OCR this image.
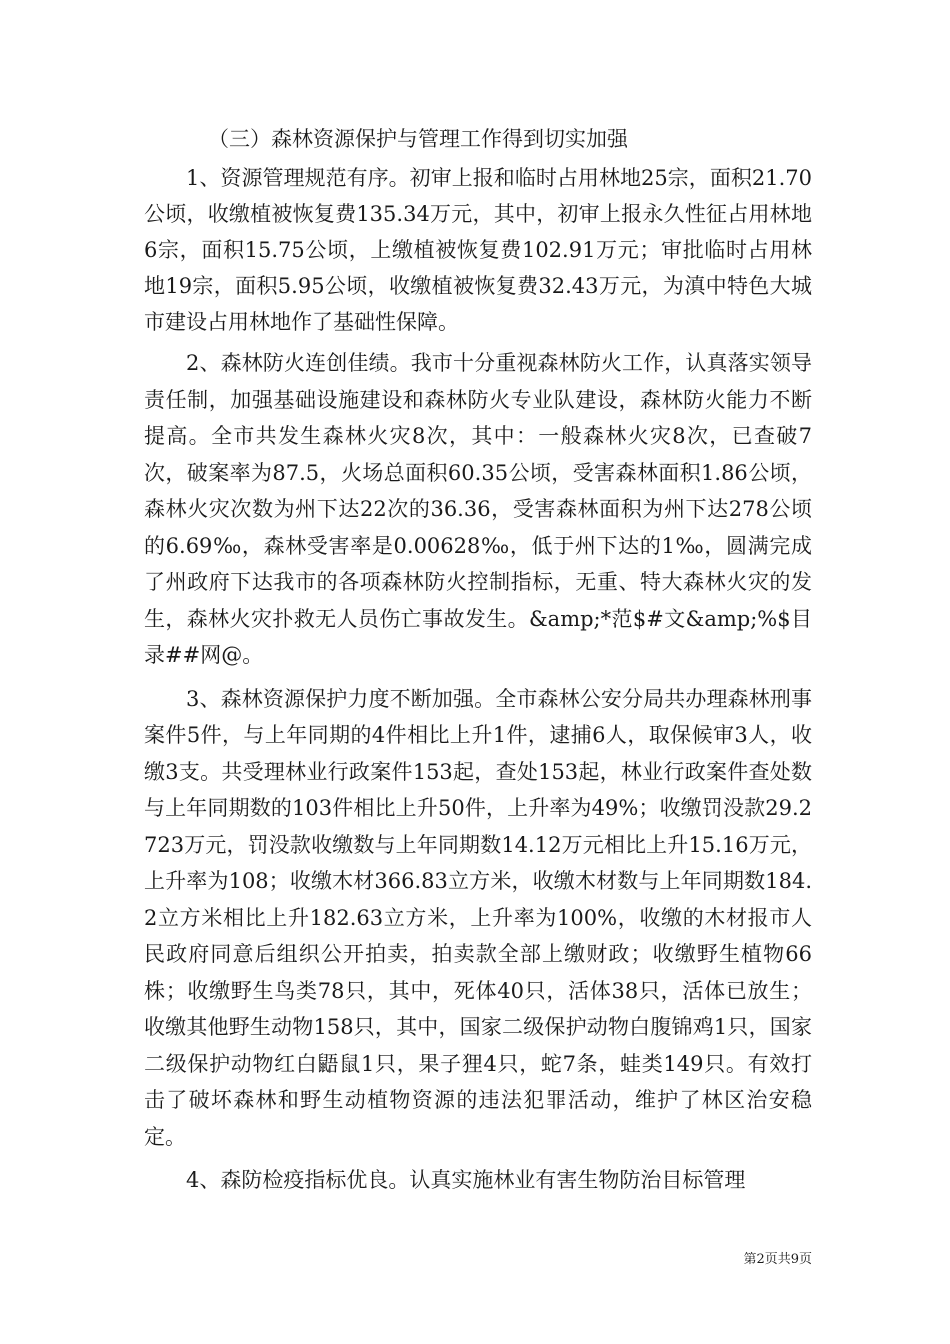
（三）森林资源保护与管理工作得到切实加强

1、资源管理规范有序。初审上报和临时占用林地25宗，面积21.70公顷，收缴植被恢复费135.34万元，其中，初审上报永久性征占用林地6宗，面积15.75公顷，上缴植被恢复费102.91万元；审批临时占用林地19宗，面积5.95公顷，收缴植被恢复费32.43万元，为滇中特色大城市建设占用林地作了基础性保障。

2、森林防火连创佳绩。我市十分重视森林防火工作，认真落实领导责任制，加强基础设施建设和森林防火专业队建设，森林防火能力不断提高。全市共发生森林火灾8次，其中：一般森林火灾8次，已查破7次，破案率为87.5，火场总面积60.35公顷，受害森林面积1.86公顷，森林火灾次数为州下达22次的36.36，受害森林面积为州下达278公顷的6.69‰，森林受害率是0.00628‰，低于州下达的1‰，圆满完成了州政府下达我市的各项森林防火控制指标，无重、特大森林火灾的发生，森林火灾扑救无人员伤亡事故发生。&amp;*范$#文&amp;%$目录##网@。

3、森林资源保护力度不断加强。全市森林公安分局共办理森林刑事案件5件，与上年同期的4件相比上升1件，逮捕6人，取保候审3人，收缴3支。共受理林业行政案件153起，查处153起，林业行政案件查处数与上年同期数的103件相比上升50件，上升率为49%；收缴罚没款29.2723万元，罚没款收缴数与上年同期数14.12万元相比上升15.16万元，上升率为108；收缴木材366.83立方米，收缴木材数与上年同期数184.2立方米相比上升182.63立方米，上升率为100%，收缴的木材报市人民政府同意后组织公开拍卖，拍卖款全部上缴财政；收缴野生植物66株；收缴野生鸟类78只，其中，死体40只，活体38只，活体已放生；收缴其他野生动物158只，其中，国家二级保护动物白腹锦鸡1只，国家二级保护动物红白鼯鼠1只，果子狸4只，蛇7条，蛙类149只。有效打击了破坏森林和野生动植物资源的违法犯罪活动，维护了林区治安稳定。

4、森防检疫指标优良。认真实施林业有害生物防治目标管理

第2页共9页
